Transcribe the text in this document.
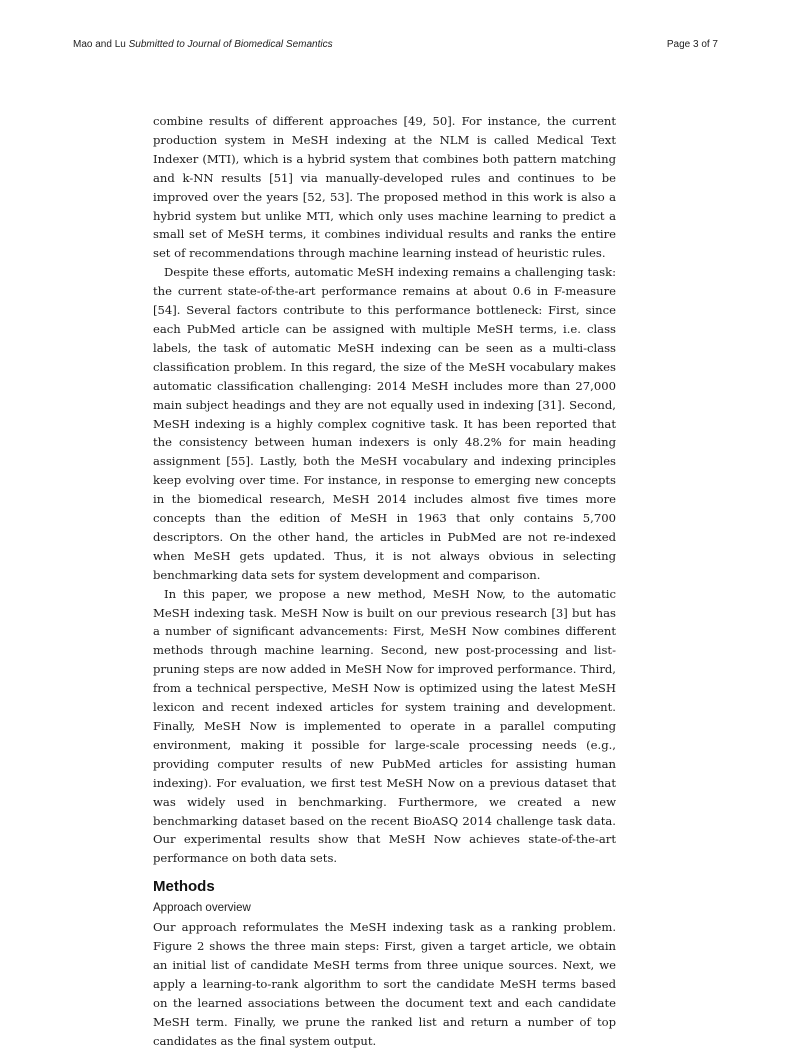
Mao and Lu Submitted to Journal of Biomedical Semantics	Page 3 of 7

combine results of different approaches [49, 50]. For instance, the current production system in MeSH indexing at the NLM is called Medical Text Indexer (MTI), which is a hybrid system that combines both pattern matching and k-NN results [51] via manually-developed rules and continues to be improved over the years [52, 53]. The proposed method in this work is also a hybrid system but unlike MTI, which only uses machine learning to predict a small set of MeSH terms, it combines individual results and ranks the entire set of recommendations through machine learning instead of heuristic rules.

Despite these efforts, automatic MeSH indexing remains a challenging task: the current state-of-the-art performance remains at about 0.6 in F-measure [54]. Several factors contribute to this performance bottleneck: First, since each PubMed article can be assigned with multiple MeSH terms, i.e. class labels, the task of automatic MeSH indexing can be seen as a multi-class classification problem. In this regard, the size of the MeSH vocabulary makes automatic classification challenging: 2014 MeSH includes more than 27,000 main subject headings and they are not equally used in indexing [31]. Second, MeSH indexing is a highly complex cognitive task. It has been reported that the consistency between human indexers is only 48.2% for main heading assignment [55]. Lastly, both the MeSH vocabulary and indexing principles keep evolving over time. For instance, in response to emerging new concepts in the biomedical research, MeSH 2014 includes almost five times more concepts than the edition of MeSH in 1963 that only contains 5,700 descriptors. On the other hand, the articles in PubMed are not re-indexed when MeSH gets updated. Thus, it is not always obvious in selecting benchmarking data sets for system development and comparison.

In this paper, we propose a new method, MeSH Now, to the automatic MeSH indexing task. MeSH Now is built on our previous research [3] but has a number of significant advancements: First, MeSH Now combines different methods through machine learning. Second, new post-processing and list-pruning steps are now added in MeSH Now for improved performance. Third, from a technical perspective, MeSH Now is optimized using the latest MeSH lexicon and recent indexed articles for system training and development. Finally, MeSH Now is implemented to operate in a parallel computing environment, making it possible for large-scale processing needs (e.g., providing computer results of new PubMed articles for assisting human indexing). For evaluation, we first test MeSH Now on a previous dataset that was widely used in benchmarking. Furthermore, we created a new benchmarking dataset based on the recent BioASQ 2014 challenge task data. Our experimental results show that MeSH Now achieves state-of-the-art performance on both data sets.

Methods
Approach overview

Our approach reformulates the MeSH indexing task as a ranking problem. Figure 2 shows the three main steps: First, given a target article, we obtain an initial list of candidate MeSH terms from three unique sources. Next, we apply a learning-to-rank algorithm to sort the candidate MeSH terms based on the learned associations between the document text and each candidate MeSH term. Finally, we prune the ranked list and return a number of top candidates as the final system output.
